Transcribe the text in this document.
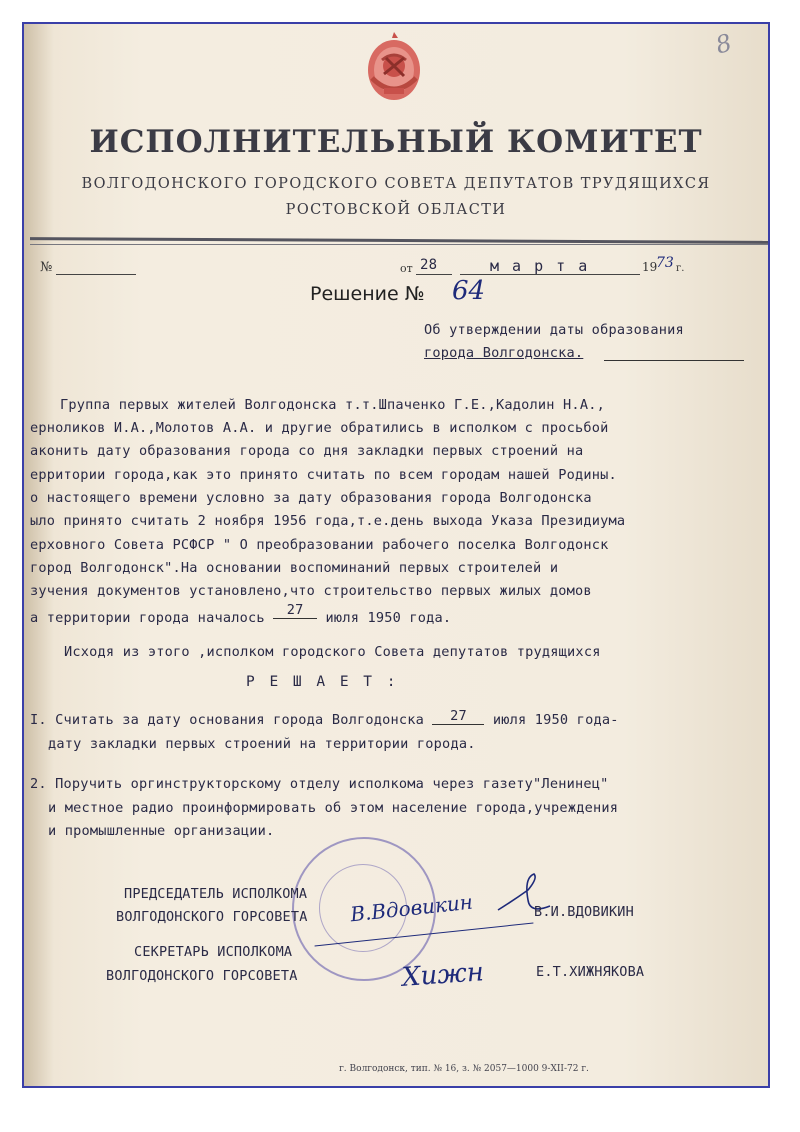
8
ИСПОЛНИТЕЛЬНЫЙ КОМИТЕТ
ВОЛГОДОНСКОГО ГОРОДСКОГО СОВЕТА ДЕПУТАТОВ ТРУДЯЩИХСЯ
РОСТОВСКОЙ ОБЛАСТИ
№	от 28	м а р т а	19
73 г.
Решение № 64
Об утверждении даты образования
города Волгодонска.
Группа первых жителей Волгодонска т.т.Шпаченко Г.Е.,Кадолин Н.А.,
ерноликов И.А.,Молотов А.А. и другие обратились в исполком с просьбой
аконить дату образования города со дня закладки первых строений на
ерритории города,как это принято считать по всем городам нашей Родины.
о настоящего времени условно за дату образования города Волгодонска
ыло принято считать 2 ноября 1956 года,т.е.день выхода Указа Президиума
ерховного Совета РСФСР " О преобразовании рабочего поселка Волгодонск
город Волгодонск".На основании воспоминаний первых строителей и
зучения документов установлено,что строительство первых жилых домов
а территории города началось 27 июля 1950 года.
Исходя из этого ,исполком городского Совета депутатов трудящихся
Р Е Ш А Е Т :
I. Считать за дату основания города Волгодонска 27 июля 1950 года-
дату закладки первых строений на территории города.
2. Поручить оргинструкторскому отделу исполкома через газету"Ленинец"
и местное радио проинформировать об этом население города,учреждения
и промышленные организации.
ПРЕДСЕДАТЕЛЬ ИСПОЛКОМА
ВОЛГОДОНСКОГО ГОРСОВЕТА В.Вдовикин	В.И.ВДОВИКИН
СЕКРЕТАРЬ ИСПОЛКОМА
ВОЛГОДОНСКОГО ГОРСОВЕТА	Хижн	Е.Т.ХИЖНЯКОВА
г. Волгодонск, тип. № 16, з. № 2057—1000 9-XII-72 г.
